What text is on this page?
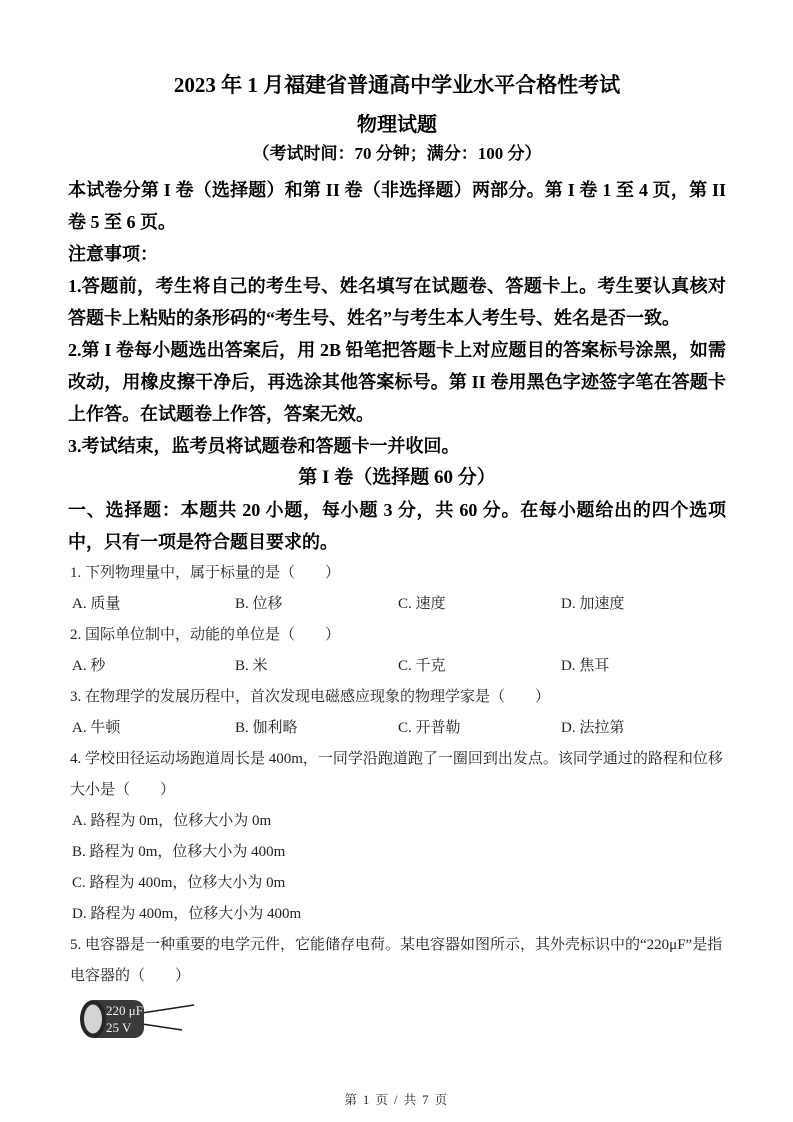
2023 年 1 月福建省普通高中学业水平合格性考试
物理试题
（考试时间：70 分钟；满分：100 分）
本试卷分第 I 卷（选择题）和第 II 卷（非选择题）两部分。第 I 卷 1 至 4 页，第 II 卷 5 至 6 页。
注意事项：
1.答题前，考生将自己的考生号、姓名填写在试题卷、答题卡上。考生要认真核对答题卡上粘贴的条形码的“考生号、姓名”与考生本人考生号、姓名是否一致。
2.第 I 卷每小题选出答案后，用 2B 铅笔把答题卡上对应题目的答案标号涂黑，如需改动，用橡皮擦干净后，再选涂其他答案标号。第 II 卷用黑色字迹签字笔在答题卡上作答。在试题卷上作答，答案无效。
3.考试结束，监考员将试题卷和答题卡一并收回。
第 I 卷（选择题 60 分）
一、选择题：本题共 20 小题，每小题 3 分，共 60 分。在每小题给出的四个选项中，只有一项是符合题目要求的。
1. 下列物理量中，属于标量的是（　　）
A. 质量	B. 位移	C. 速度	D. 加速度
2. 国际单位制中，动能的单位是（　　）
A. 秒	B. 米	C. 千克	D. 焦耳
3. 在物理学的发展历程中，首次发现电磁感应现象的物理学家是（　　）
A. 牛顿	B. 伽利略	C. 开普勒	D. 法拉第
4. 学校田径运动场跑道周长是 400m，一同学沿跑道跑了一圈回到出发点。该同学通过的路程和位移大小是（　　）
A. 路程为 0m，位移大小为 0m
B. 路程为 0m，位移大小为 400m
C. 路程为 400m，位移大小为 0m
D. 路程为 400m，位移大小为 400m
5. 电容器是一种重要的电学元件，它能储存电荷。某电容器如图所示，其外壳标识中的“220μF”是指电容器的（　　）
220 μF
25 V
第 1 页 / 共 7 页
